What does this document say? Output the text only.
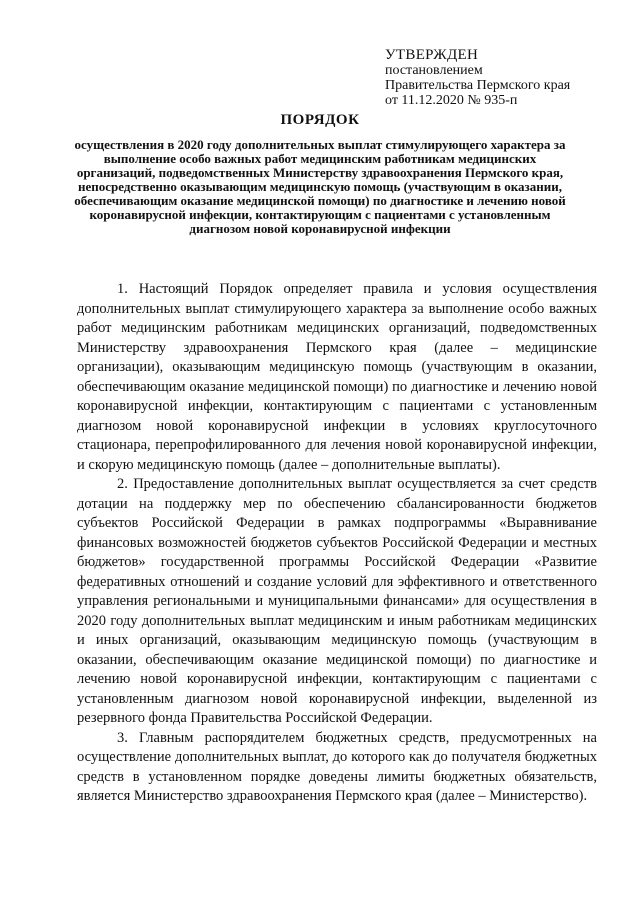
УТВЕРЖДЕН
постановлением
Правительства Пермского края
от 11.12.2020 № 935-п
ПОРЯДОК
осуществления в 2020 году дополнительных выплат стимулирующего характера за выполнение особо важных работ медицинским работникам медицинских организаций, подведомственных Министерству здравоохранения Пермского края, непосредственно оказывающим медицинскую помощь (участвующим в оказании, обеспечивающим оказание медицинской помощи) по диагностике и лечению новой коронавирусной инфекции, контактирующим с пациентами с установленным диагнозом новой коронавирусной инфекции

1. Настоящий Порядок определяет правила и условия осуществления дополнительных выплат стимулирующего характера за выполнение особо важных работ медицинским работникам медицинских организаций, подведомственных Министерству здравоохранения Пермского края (далее – медицинские организации), оказывающим медицинскую помощь (участвующим в оказании, обеспечивающим оказание медицинской помощи) по диагностике и лечению новой коронавирусной инфекции, контактирующим с пациентами с установленным диагнозом новой коронавирусной инфекции в условиях круглосуточного стационара, перепрофилированного для лечения новой коронавирусной инфекции, и скорую медицинскую помощь (далее – дополнительные выплаты).

2. Предоставление дополнительных выплат осуществляется за счет средств дотации на поддержку мер по обеспечению сбалансированности бюджетов субъектов Российской Федерации в рамках подпрограммы «Выравнивание финансовых возможностей бюджетов субъектов Российской Федерации и местных бюджетов» государственной программы Российской Федерации «Развитие федеративных отношений и создание условий для эффективного и ответственного управления региональными и муниципальными финансами» для осуществления в 2020 году дополнительных выплат медицинским и иным работникам медицинских и иных организаций, оказывающим медицинскую помощь (участвующим в оказании, обеспечивающим оказание медицинской помощи) по диагностике и лечению новой коронавирусной инфекции, контактирующим с пациентами с установленным диагнозом новой коронавирусной инфекции, выделенной из резервного фонда Правительства Российской Федерации.

3. Главным распорядителем бюджетных средств, предусмотренных на осуществление дополнительных выплат, до которого как до получателя бюджетных средств в установленном порядке доведены лимиты бюджетных обязательств, является Министерство здравоохранения Пермского края (далее – Министерство).
